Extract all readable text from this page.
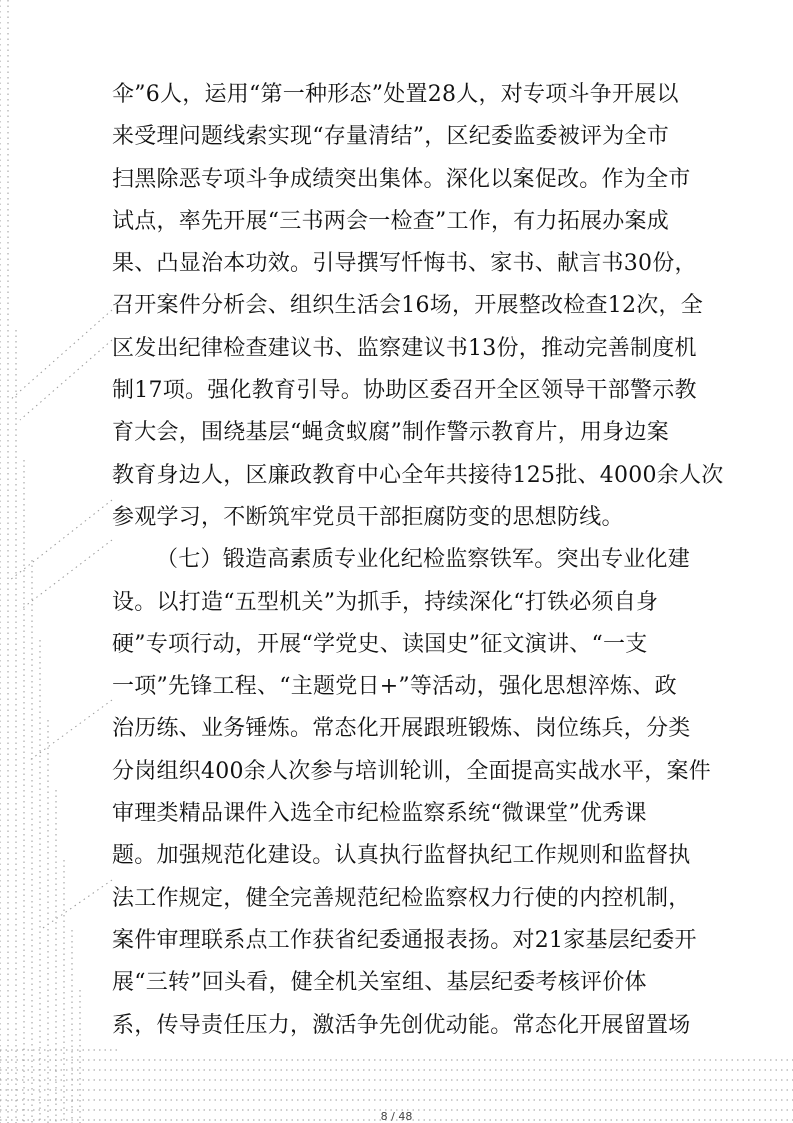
伞”6人，运用“第一种形态”处置28人，对专项斗争开展以
来受理问题线索实现“存量清结”，区纪委监委被评为全市
扫黑除恶专项斗争成绩突出集体。深化以案促改。作为全市
试点，率先开展“三书两会一检查”工作，有力拓展办案成
果、凸显治本功效。引导撰写忏悔书、家书、献言书30份，
召开案件分析会、组织生活会16场，开展整改检查12次，全
区发出纪律检查建议书、监察建议书13份，推动完善制度机
制17项。强化教育引导。协助区委召开全区领导干部警示教
育大会，围绕基层“蝇贪蚁腐”制作警示教育片，用身边案
教育身边人，区廉政教育中心全年共接待125批、4000余人次
参观学习，不断筑牢党员干部拒腐防变的思想防线。
（七）锻造高素质专业化纪检监察铁军。突出专业化建
设。以打造“五型机关”为抓手，持续深化“打铁必须自身
硬”专项行动，开展“学党史、读国史”征文演讲、“一支
一项”先锋工程、“主题党日+”等活动，强化思想淬炼、政
治历练、业务锤炼。常态化开展跟班锻炼、岗位练兵，分类
分岗组织400余人次参与培训轮训，全面提高实战水平，案件
审理类精品课件入选全市纪检监察系统“微课堂”优秀课
题。加强规范化建设。认真执行监督执纪工作规则和监督执
法工作规定，健全完善规范纪检监察权力行使的内控机制，
案件审理联系点工作获省纪委通报表扬。对21家基层纪委开
展“三转”回头看，健全机关室组、基层纪委考核评价体
系，传导责任压力，激活争先创优动能。常态化开展留置场
8 / 48
